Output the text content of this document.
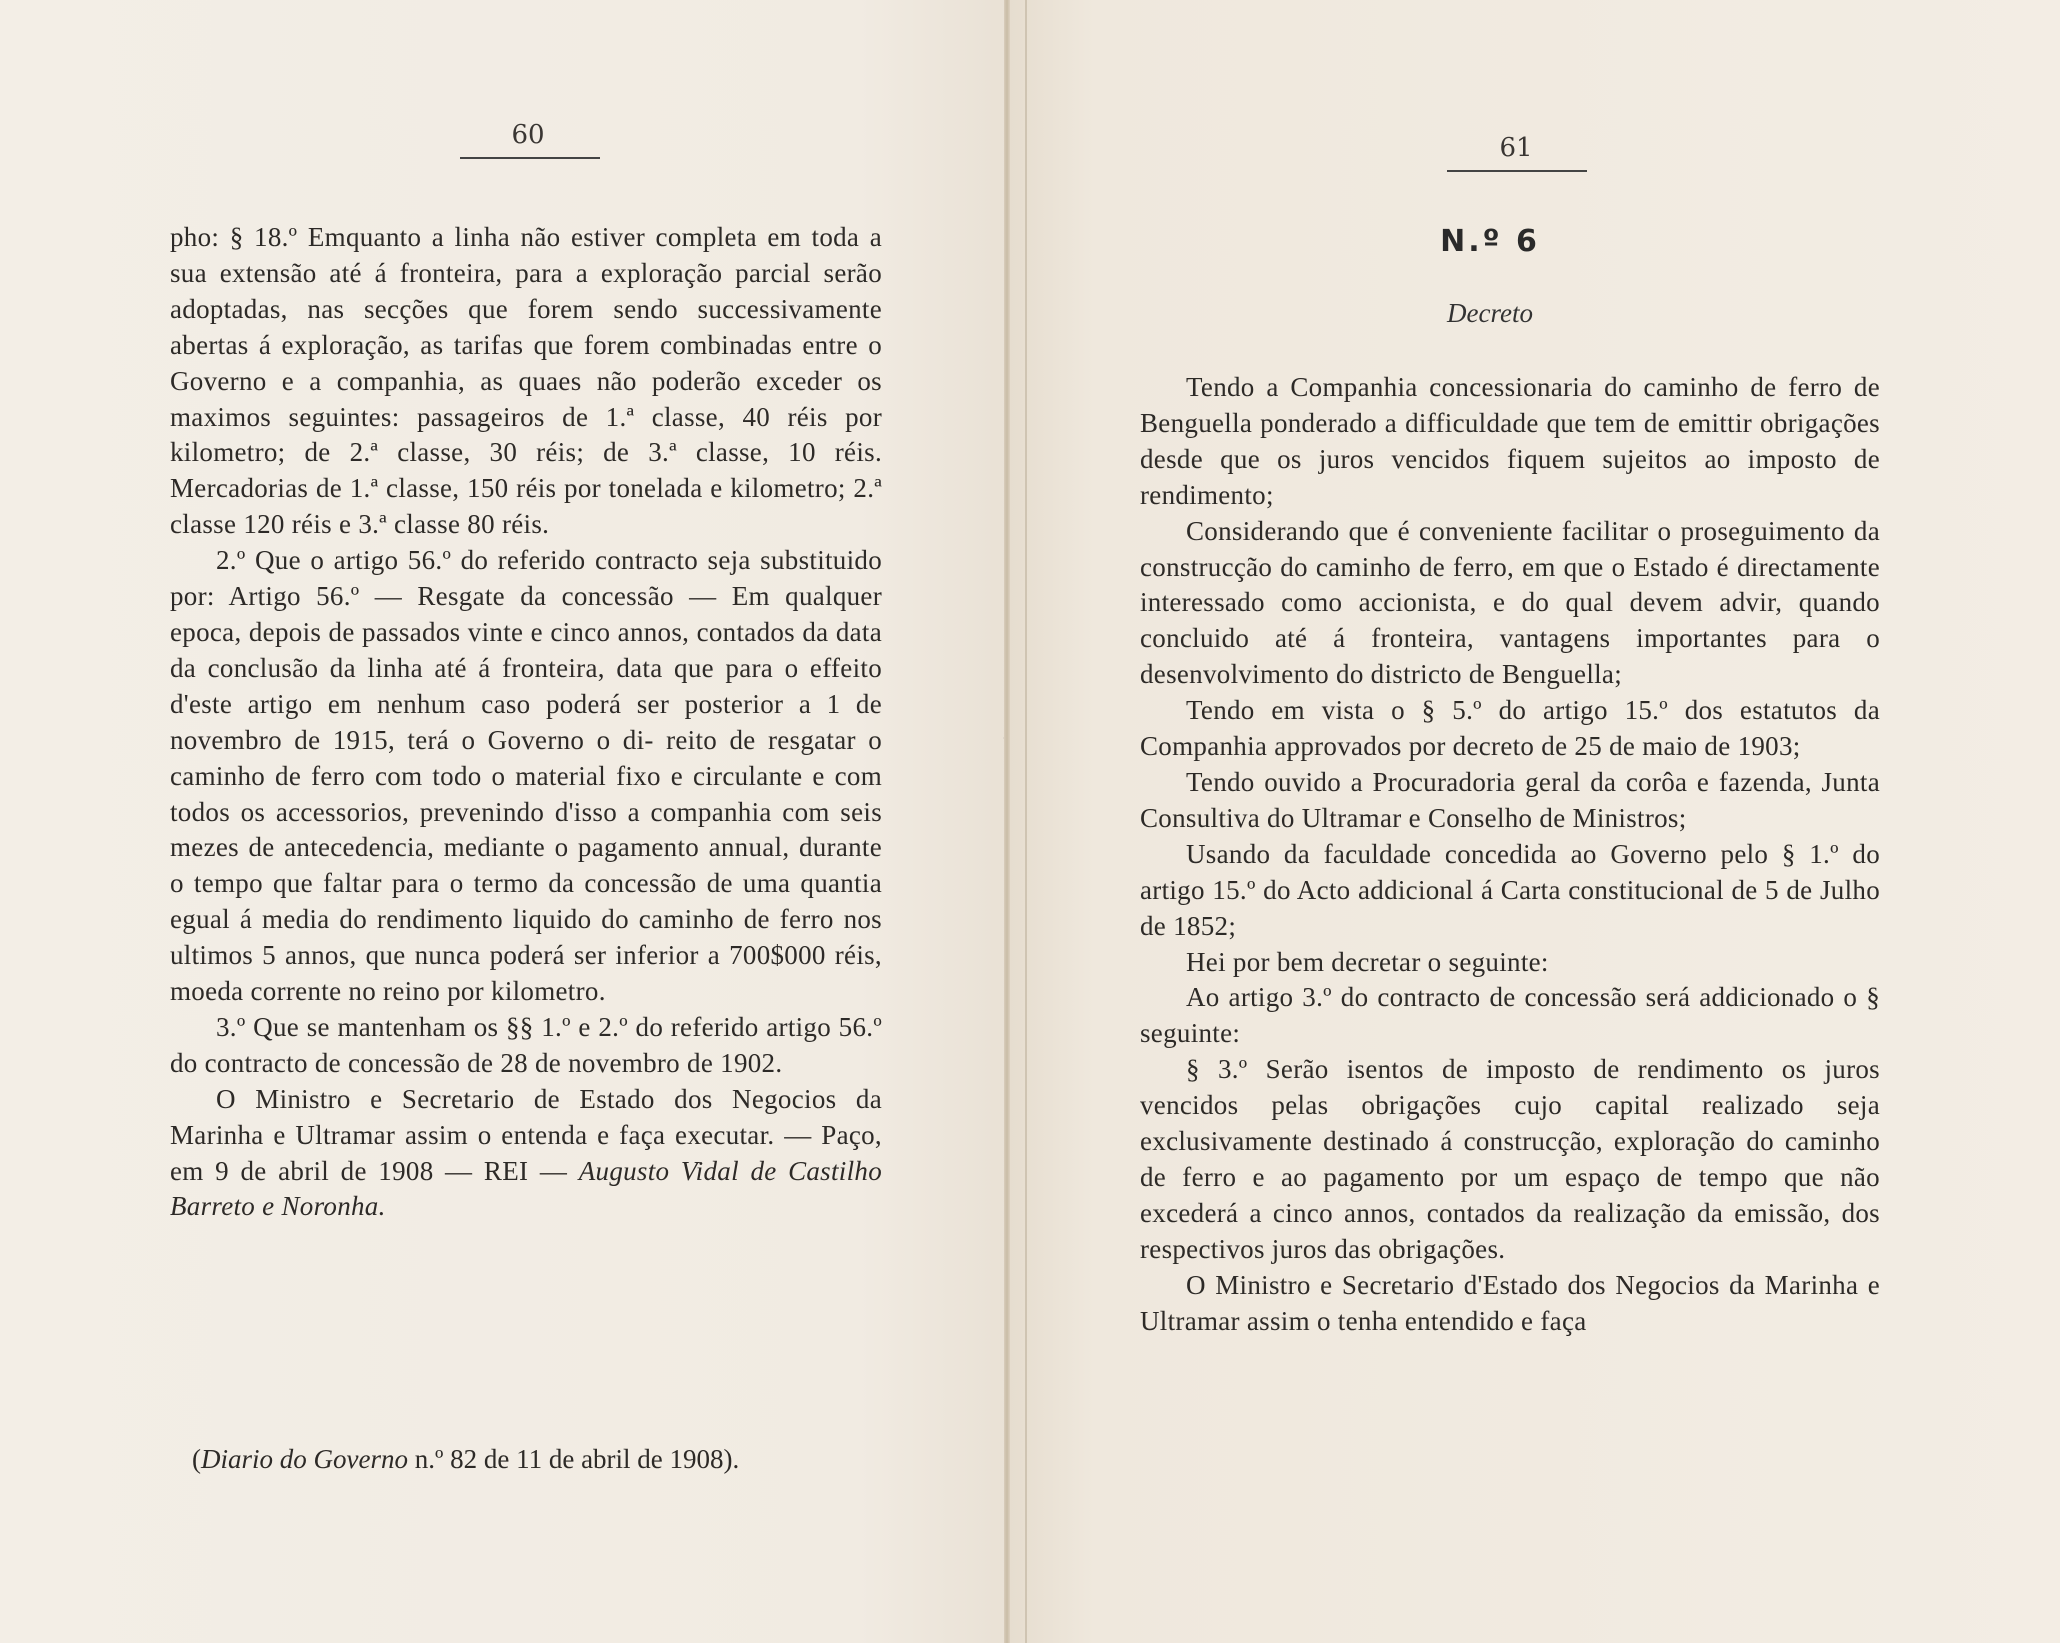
60

pho: § 18.º Emquanto a linha não estiver completa em toda a sua extensão até á fronteira, para a exploração parcial serão adoptadas, nas secções que forem sendo successivamente abertas á exploração, as tarifas que forem combinadas entre o Governo e a companhia, as quaes não poderão exceder os maximos seguintes: passageiros de 1.ª classe, 40 réis por kilometro; de 2.ª classe, 30 réis; de 3.ª classe, 10 réis. Mercadorias de 1.ª classe, 150 réis por tonelada e kilometro; 2.ª classe 120 réis e 3.ª classe 80 réis.

2.º Que o artigo 56.º do referido contracto seja substituido por: Artigo 56.º — Resgate da concessão — Em qualquer epoca, depois de passados vinte e cinco annos, contados da data da conclusão da linha até á fronteira, data que para o effeito d'este artigo em nenhum caso poderá ser posterior a 1 de novembro de 1915, terá o Governo o di- reito de resgatar o caminho de ferro com todo o material fixo e circulante e com todos os accessorios, prevenindo d'isso a companhia com seis mezes de antecedencia, mediante o pagamento annual, durante o tempo que faltar para o termo da concessão de uma quantia egual á media do rendimento liquido do caminho de ferro nos ultimos 5 annos, que nunca poderá ser inferior a 700$000 réis, moeda corrente no reino por kilometro.

3.º Que se mantenham os §§ 1.º e 2.º do referido artigo 56.º do contracto de concessão de 28 de novembro de 1902.

O Ministro e Secretario de Estado dos Negocios da Marinha e Ultramar assim o entenda e faça executar. — Paço, em 9 de abril de 1908 — REI — Augusto Vidal de Castilho Barreto e Noronha.

(Diario do Governo n.º 82 de 11 de abril de 1908).
61
N.º 6
Decreto

Tendo a Companhia concessionaria do caminho de ferro de Benguella ponderado a difficuldade que tem de emittir obrigações desde que os juros vencidos fiquem sujeitos ao imposto de rendimento;

Considerando que é conveniente facilitar o proseguimento da construcção do caminho de ferro, em que o Estado é directamente interessado como accionista, e do qual devem advir, quando concluido até á fronteira, vantagens importantes para o desenvolvimento do districto de Benguella;

Tendo em vista o § 5.º do artigo 15.º dos estatutos da Companhia approvados por decreto de 25 de maio de 1903;

Tendo ouvido a Procuradoria geral da corôa e fazenda, Junta Consultiva do Ultramar e Conselho de Ministros;

Usando da faculdade concedida ao Governo pelo § 1.º do artigo 15.º do Acto addicional á Carta constitucional de 5 de Julho de 1852;

Hei por bem decretar o seguinte:

Ao artigo 3.º do contracto de concessão será addicionado o § seguinte:

§ 3.º Serão isentos de imposto de rendimento os juros vencidos pelas obrigações cujo capital realizado seja exclusivamente destinado á construcção, exploração do caminho de ferro e ao pagamento por um espaço de tempo que não excederá a cinco annos, contados da realização da emissão, dos respectivos juros das obrigações.

O Ministro e Secretario d'Estado dos Negocios da Marinha e Ultramar assim o tenha entendido e faça
